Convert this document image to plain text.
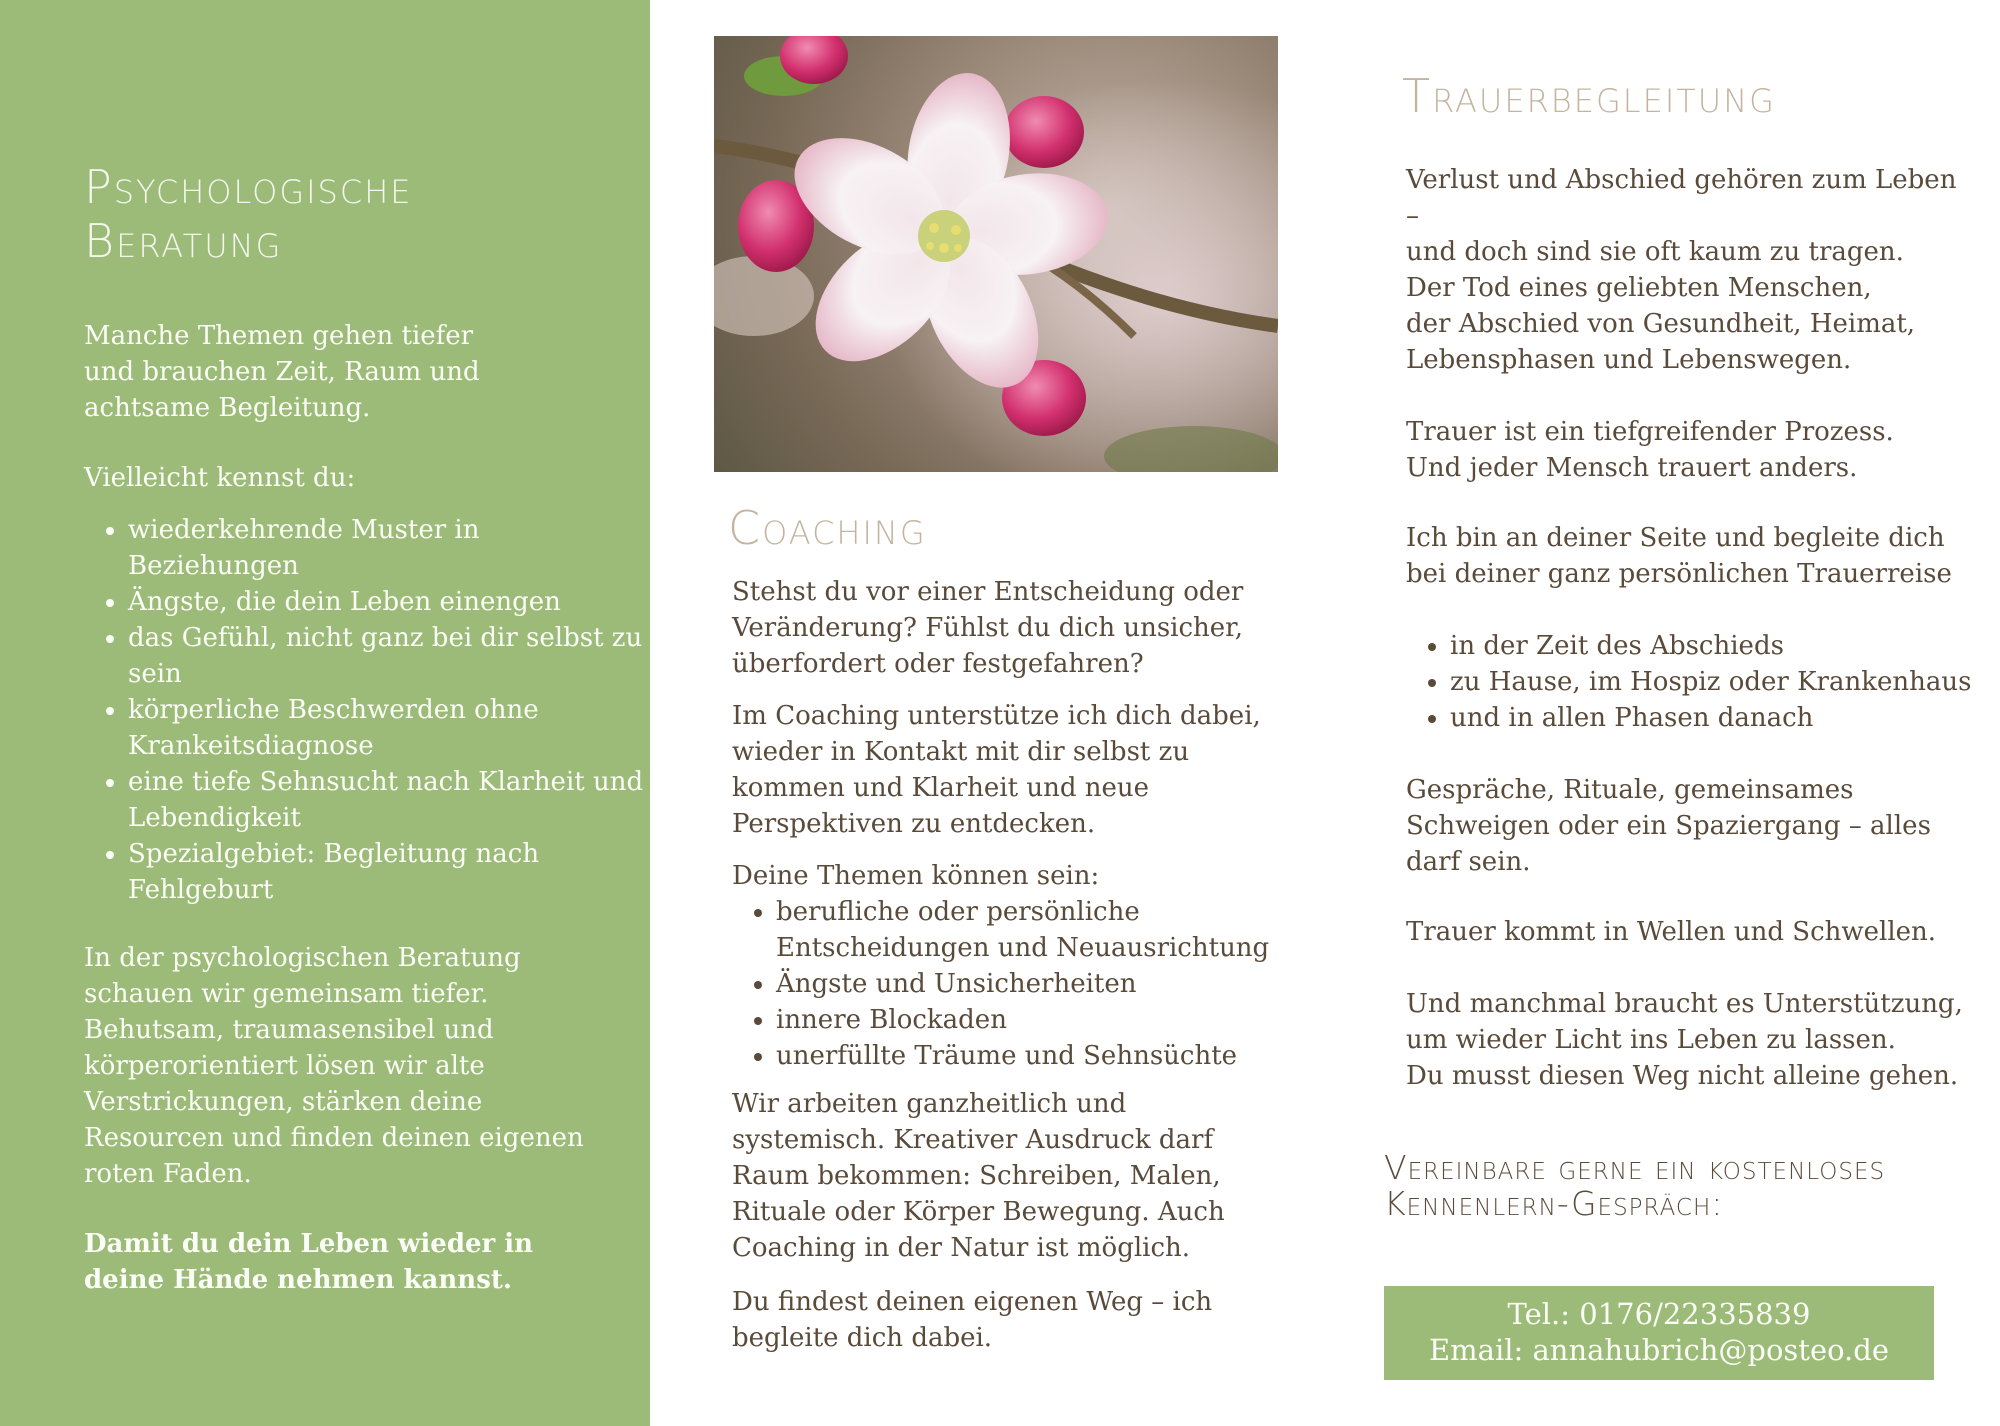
Psychologische Beratung

Manche Themen gehen tiefer
und brauchen Zeit, Raum und achtsame Begleitung.

Vielleicht kennst du:

• wiederkehrende Muster in Beziehungen
• Ängste, die dein Leben einengen
• das Gefühl, nicht ganz bei dir selbst zu sein
• körperliche Beschwerden ohne Krankeitsdiagnose
• eine tiefe Sehnsucht nach Klarheit und Lebendigkeit
• Spezialgebiet: Begleitung nach Fehlgeburt

In der psychologischen Beratung schauen wir gemeinsam tiefer. Behutsam, traumasensibel und körperorientiert lösen wir alte Verstrickungen, stärken deine Resourcen und finden deinen eigenen roten Faden.

Damit du dein Leben wieder in deine Hände nehmen kannst.

Coaching

Stehst du vor einer Entscheidung oder Veränderung? Fühlst du dich unsicher, überfordert oder festgefahren?

Im Coaching unterstütze ich dich dabei, wieder in Kontakt mit dir selbst zu kommen und Klarheit und neue Perspektiven zu entdecken.

Deine Themen können sein:

• berufliche oder persönliche Entscheidungen und Neuausrichtung
• Ängste und Unsicherheiten
• innere Blockaden
• unerfüllte Träume und Sehnsüchte

Wir arbeiten ganzheitlich und systemisch. Kreativer Ausdruck darf Raum bekommen: Schreiben, Malen, Rituale oder Körper Bewegung. Auch Coaching in der Natur ist möglich.

Du findest deinen eigenen Weg – ich begleite dich dabei.

Trauerbegleitung

Verlust und Abschied gehören zum Leben –
und doch sind sie oft kaum zu tragen.

Der Tod eines geliebten Menschen,
der Abschied von Gesundheit, Heimat,
Lebensphasen und Lebenswegen.

Trauer ist ein tiefgreifender Prozess.
Und jeder Mensch trauert anders.

Ich bin an deiner Seite und begleite dich
bei deiner ganz persönlichen Trauerreise

• in der Zeit des Abschieds
• zu Hause, im Hospiz oder Krankenhaus
• und in allen Phasen danach

Gespräche, Rituale, gemeinsames Schweigen oder ein Spaziergang – alles darf sein.

Trauer kommt in Wellen und Schwellen.

Und manchmal braucht es Unterstützung,
um wieder Licht ins Leben zu lassen.
Du musst diesen Weg nicht alleine gehen.

Vereinbare gerne ein kostenloses Kennenlern-Gespräch:
Tel.: 0176/22335839
Email: annahubrich@posteo.de
